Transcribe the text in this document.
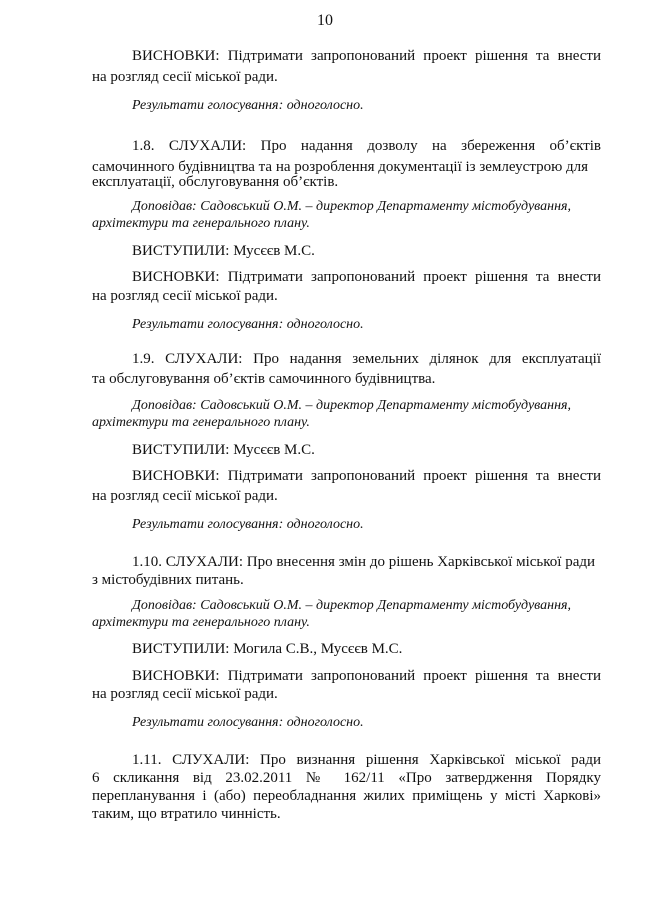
10
ВИСНОВКИ: Підтримати запропонований проект рішення та внести
на розгляд сесії міської ради.
Результати голосування: одноголосно.
1.8. СЛУХАЛИ: Про надання дозволу на збереження об’єктів
самочинного будівництва та на розроблення документації із землеустрою для
експлуатації, обслуговування об’єктів.
Доповідав: Садовський О.М. – директор Департаменту містобудування,
архітектури та генерального плану.
ВИСТУПИЛИ: Мусєєв М.С.
ВИСНОВКИ: Підтримати запропонований проект рішення та внести
на розгляд сесії міської ради.
Результати голосування: одноголосно.
1.9. СЛУХАЛИ: Про надання земельних ділянок для експлуатації
та обслуговування об’єктів самочинного будівництва.
Доповідав: Садовський О.М. – директор Департаменту містобудування,
архітектури та генерального плану.
ВИСТУПИЛИ: Мусєєв М.С.
ВИСНОВКИ: Підтримати запропонований проект рішення та внести
на розгляд сесії міської ради.
Результати голосування: одноголосно.
1.10. СЛУХАЛИ: Про внесення змін до рішень Харківської міської ради
з містобудівних питань.
Доповідав: Садовський О.М. – директор Департаменту містобудування,
архітектури та генерального плану.
ВИСТУПИЛИ: Могила С.В., Мусєєв М.С.
ВИСНОВКИ: Підтримати запропонований проект рішення та внести
на розгляд сесії міської ради.
Результати голосування: одноголосно.
1.11. СЛУХАЛИ: Про визнання рішення Харківської міської ради
6 скликання від 23.02.2011 № 162/11 «Про затвердження Порядку
перепланування і (або) переобладнання жилих приміщень у місті Харкові»
таким, що втратило чинність.
